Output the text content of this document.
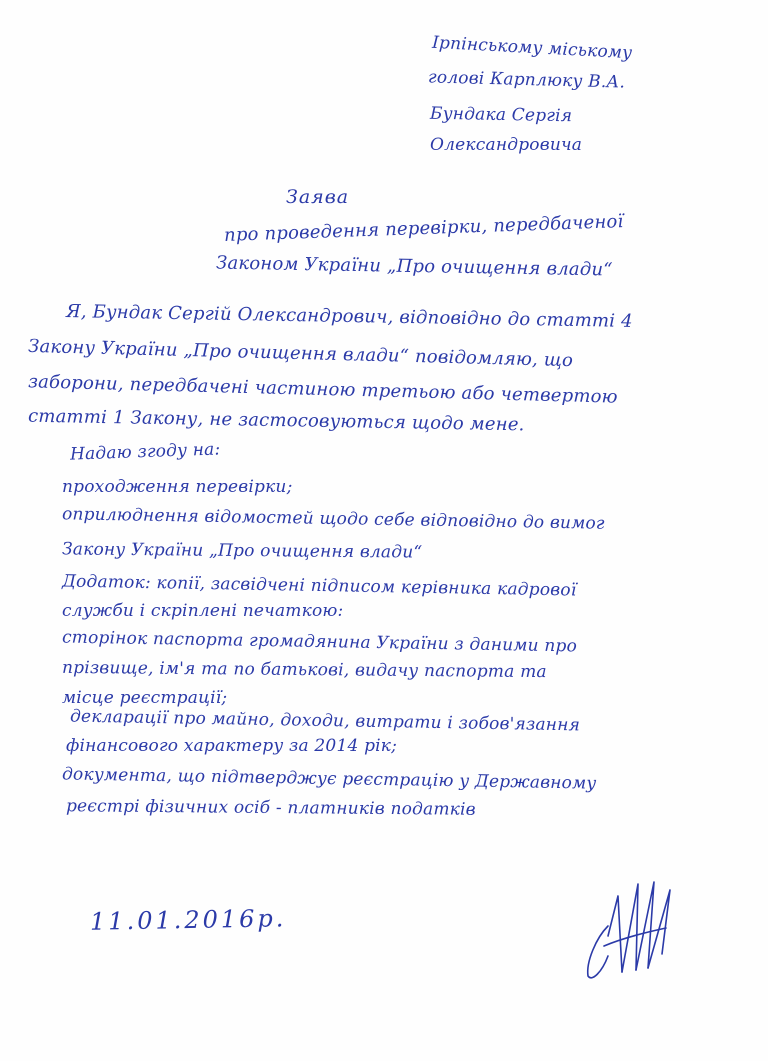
Ірпінському міському
голові Карплюку В.А.
Бундака Сергія
Олександровича
Заява
про проведення перевірки, передбаченої
Законом України „Про очищення влади“
Я, Бундак Сергій Олександрович, відповідно до статті 4
Закону України „Про очищення влади“ повідомляю, що
заборони, передбачені частиною третьою або четвертою
статті 1 Закону, не застосовуються щодо мене.
Надаю згоду на:
проходження перевірки;
оприлюднення відомостей щодо себе відповідно до вимог
Закону України „Про очищення влади“
Додаток: копії, засвідчені підписом керівника кадрової
служби і скріплені печаткою:
сторінок паспорта громадянина України з даними про
прізвище, ім'я та по батькові, видачу паспорта та
місце реєстрації;
декларації про майно, доходи, витрати і зобов'язання
фінансового характеру за 2014 рік;
документа, що підтверджує реєстрацію у Державному
реєстрі фізичних осіб - платників податків
11.01.2016р.
